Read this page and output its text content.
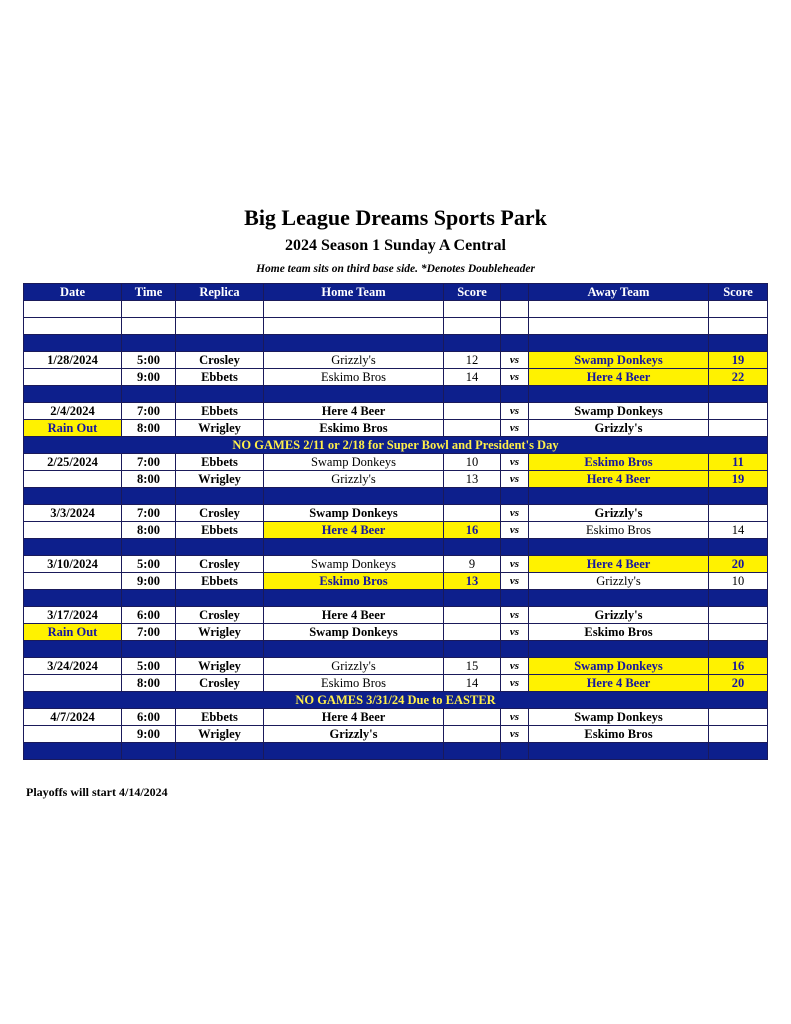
Big League Dreams Sports Park
2024 Season 1 Sunday A Central
Home team sits on third base side. *Denotes Doubleheader
Date	Time	Replica	Home Team	Score		Away Team	Score

1/28/2024	5:00	Crosley	Grizzly's	12	vs	Swamp Donkeys	19
	9:00	Ebbets	Eskimo Bros	14	vs	Here 4 Beer	22

2/4/2024	7:00	Ebbets	Here 4 Beer		vs	Swamp Donkeys	
Rain Out	8:00	Wrigley	Eskimo Bros		vs	Grizzly's	
NO GAMES 2/11 or 2/18 for Super Bowl and President's Day							
2/25/2024	7:00	Ebbets	Swamp Donkeys	10	vs	Eskimo Bros	11
	8:00	Wrigley	Grizzly's	13	vs	Here 4 Beer	19

3/3/2024	7:00	Crosley	Swamp Donkeys		vs	Grizzly's	
	8:00	Ebbets	Here 4 Beer	16	vs	Eskimo Bros	14

3/10/2024	5:00	Crosley	Swamp Donkeys	9	vs	Here 4 Beer	20
	9:00	Ebbets	Eskimo Bros	13	vs	Grizzly's	10

3/17/2024	6:00	Crosley	Here 4 Beer		vs	Grizzly's	
Rain Out	7:00	Wrigley	Swamp Donkeys		vs	Eskimo Bros	

3/24/2024	5:00	Wrigley	Grizzly's	15	vs	Swamp Donkeys	16
	8:00	Crosley	Eskimo Bros	14	vs	Here 4 Beer	20
NO GAMES 3/31/24 Due to EASTER							
4/7/2024	6:00	Ebbets	Here 4 Beer		vs	Swamp Donkeys	
	9:00	Wrigley	Grizzly's		vs	Eskimo Bros	

Playoffs will start 4/14/2024
